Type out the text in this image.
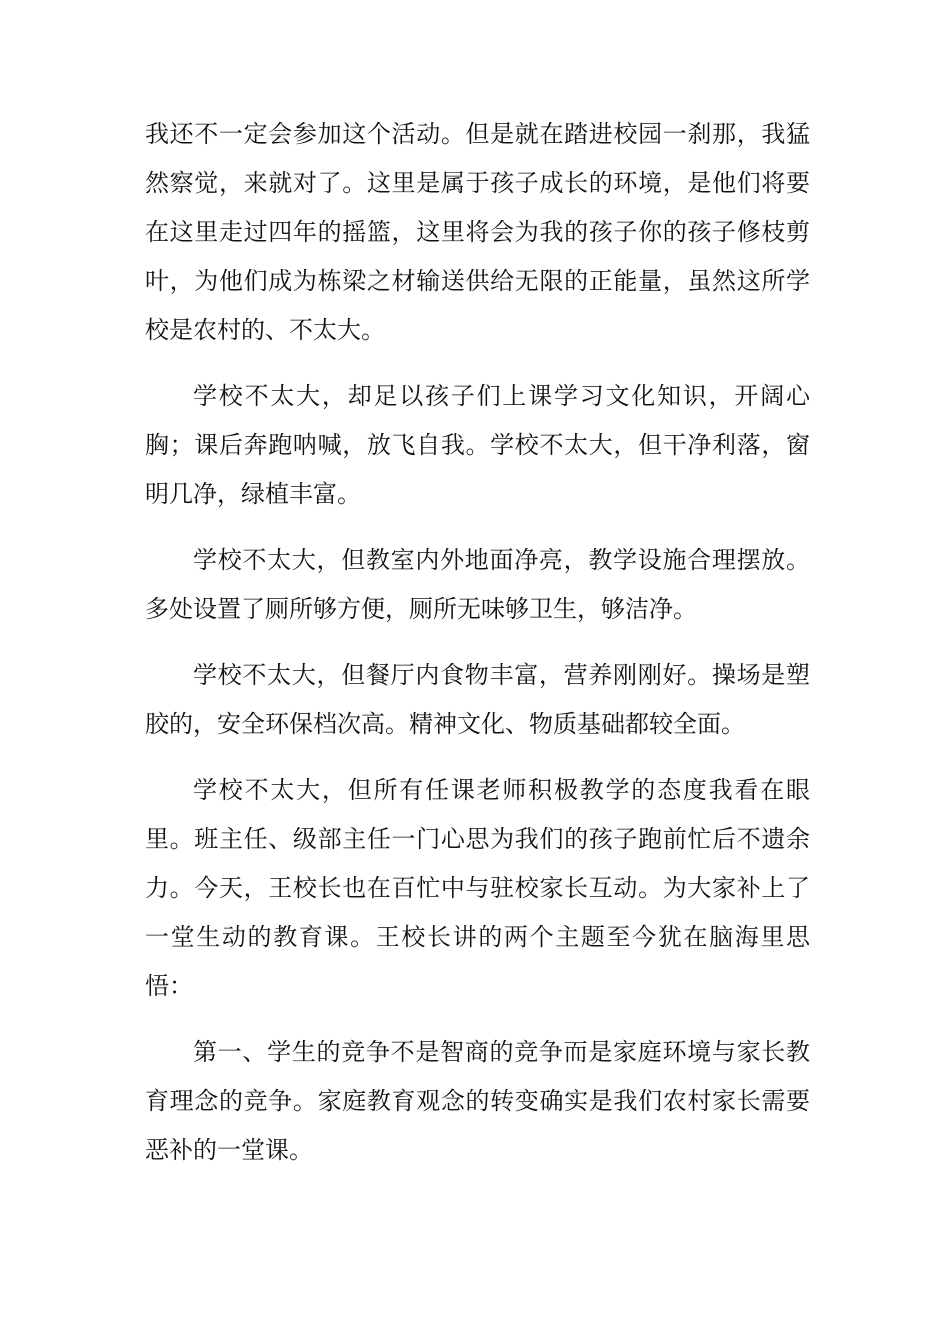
我还不一定会参加这个活动。但是就在踏进校园一刹那，我猛然察觉，来就对了。这里是属于孩子成长的环境，是他们将要在这里走过四年的摇篮，这里将会为我的孩子你的孩子修枝剪叶，为他们成为栋梁之材输送供给无限的正能量，虽然这所学校是农村的、不太大。

学校不太大，却足以孩子们上课学习文化知识，开阔心胸；课后奔跑呐喊，放飞自我。学校不太大，但干净利落，窗明几净，绿植丰富。

学校不太大，但教室内外地面净亮，教学设施合理摆放。多处设置了厕所够方便，厕所无味够卫生，够洁净。

学校不太大，但餐厅内食物丰富，营养刚刚好。操场是塑胶的，安全环保档次高。精神文化、物质基础都较全面。

学校不太大，但所有任课老师积极教学的态度我看在眼里。班主任、级部主任一门心思为我们的孩子跑前忙后不遗余力。今天，王校长也在百忙中与驻校家长互动。为大家补上了一堂生动的教育课。王校长讲的两个主题至今犹在脑海里思悟：

第一、学生的竞争不是智商的竞争而是家庭环境与家长教育理念的竞争。家庭教育观念的转变确实是我们农村家长需要恶补的一堂课。
